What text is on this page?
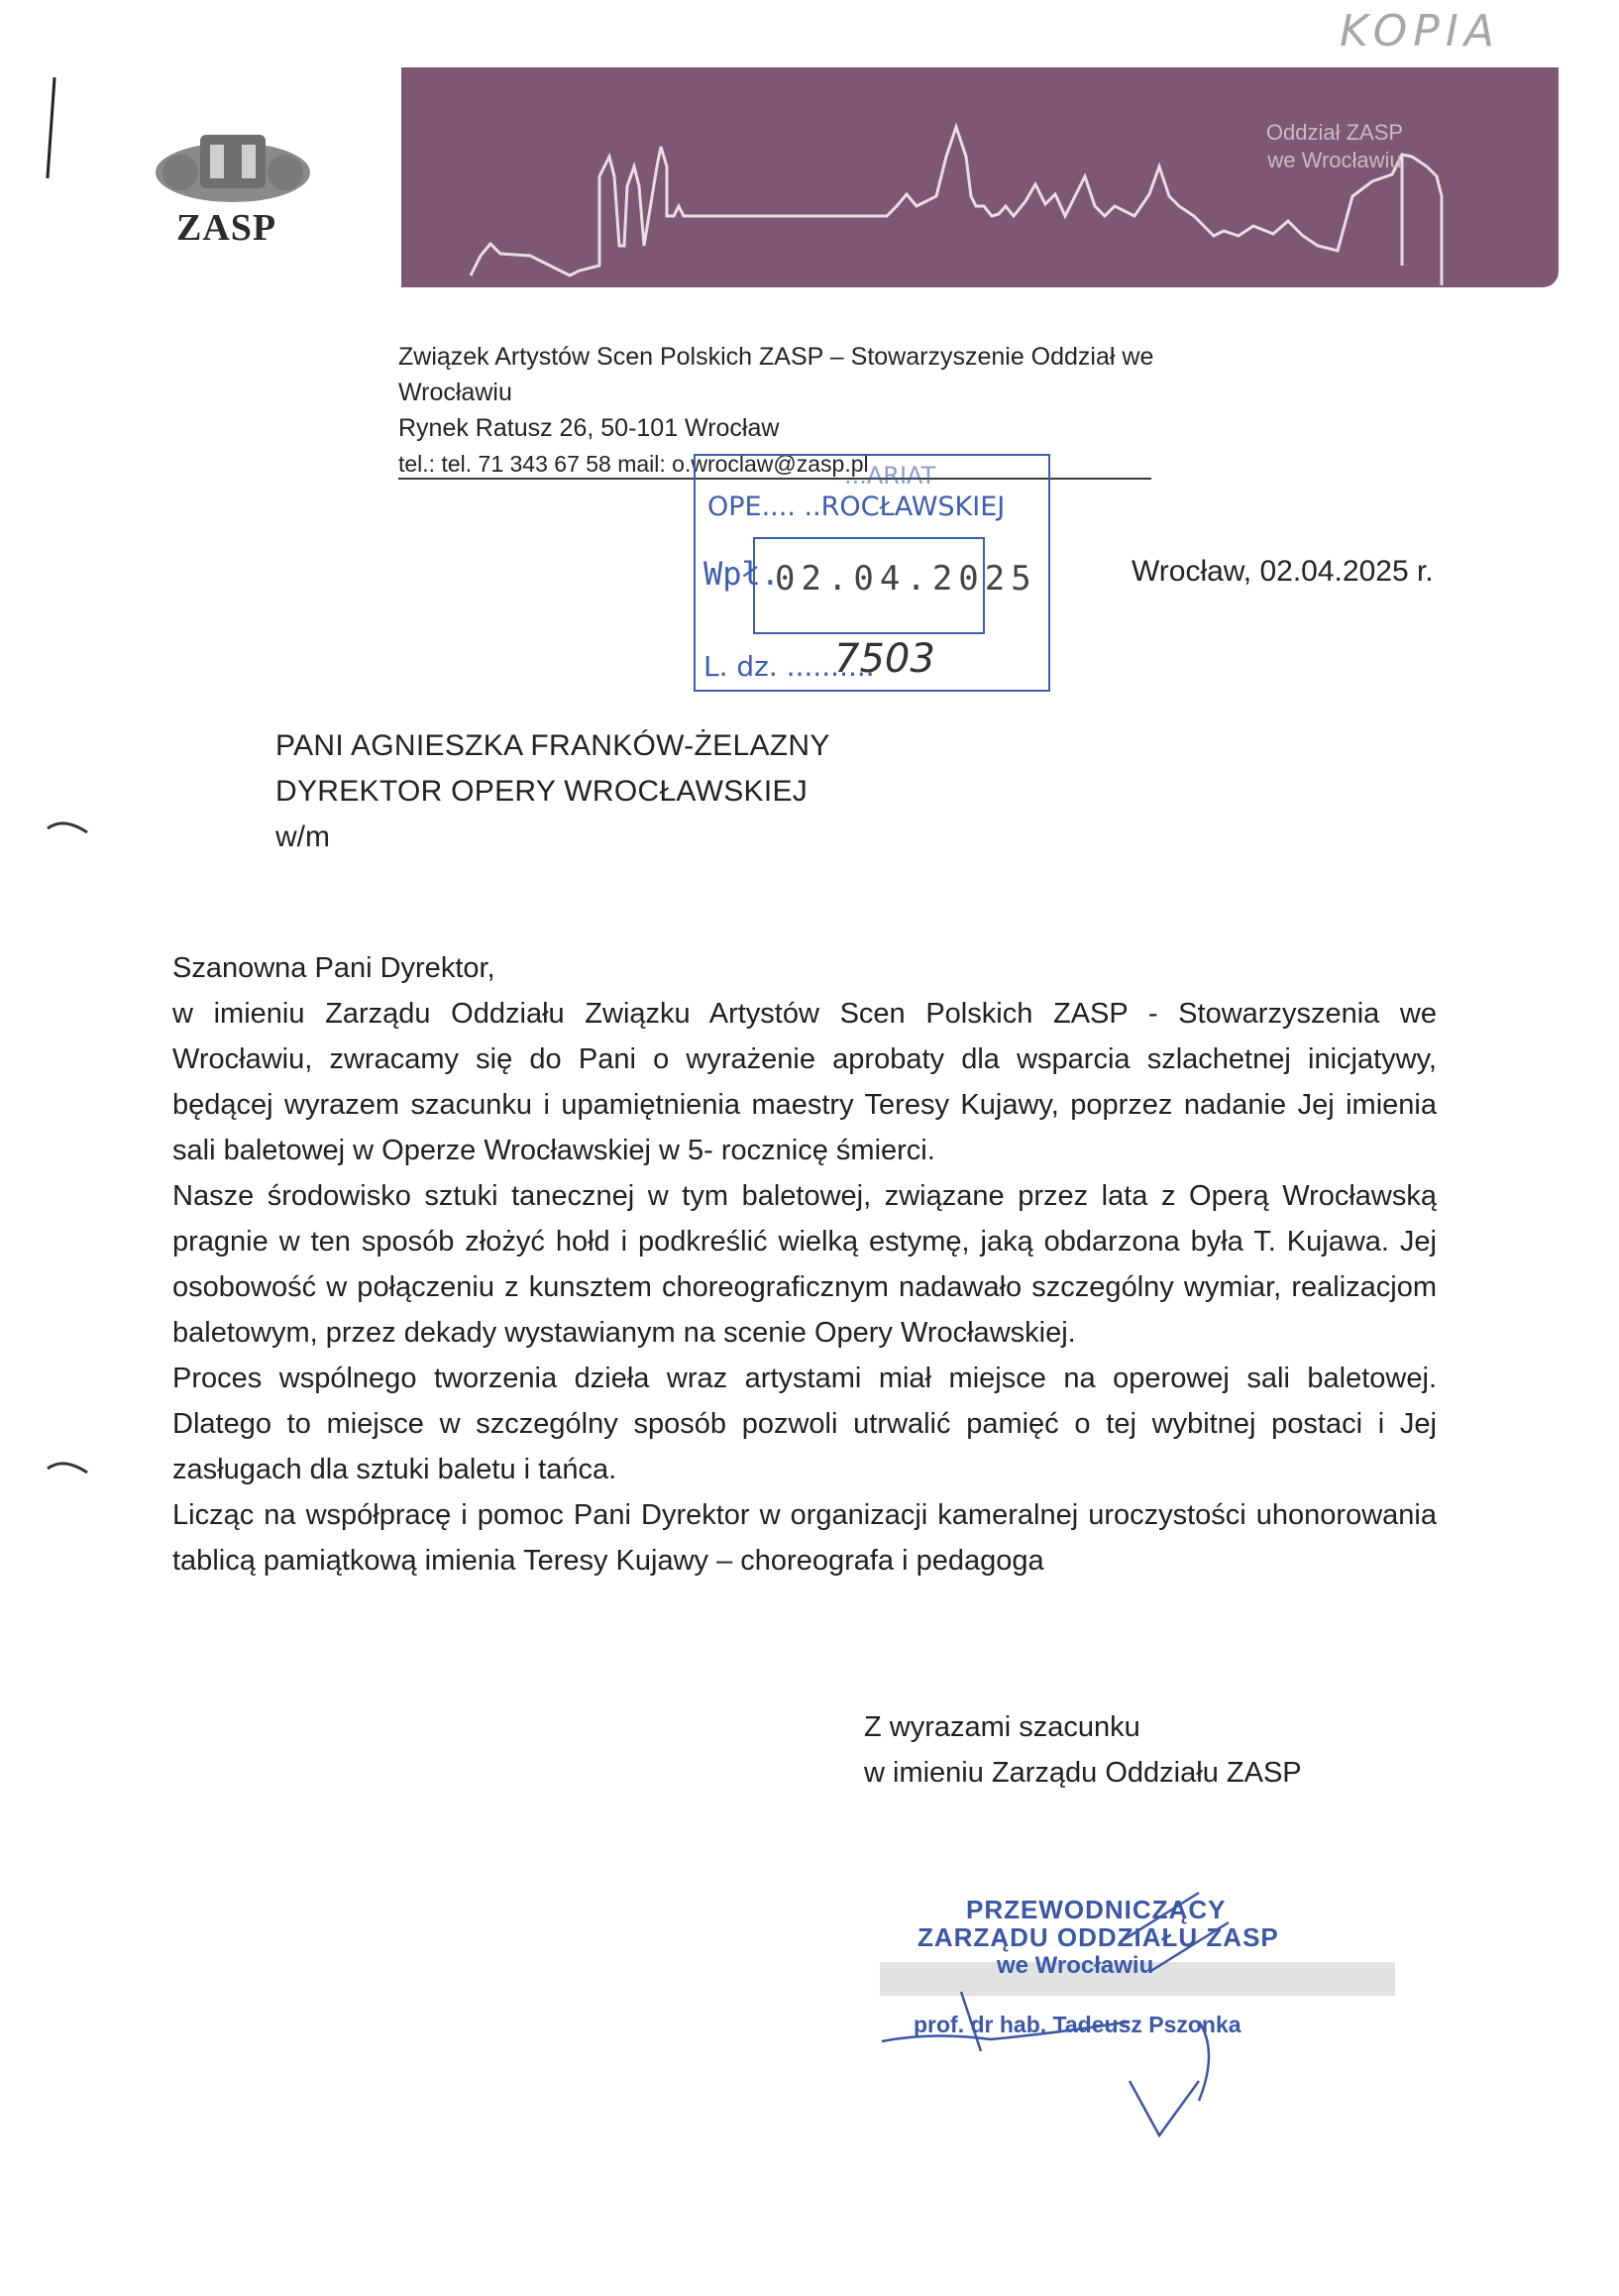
KOPIA
ZASP
Oddział ZASP
we Wrocławiu
Związek Artystów Scen Polskich ZASP – Stowarzyszenie Oddział we Wrocławiu
Rynek Ratusz 26, 50-101 Wrocław
tel.: tel. 71 343 67 58 mail: o.wroclaw@zasp.pl
...ARIAT
OPE.... ..ROCŁAWSKIEJ
Wpł.
02.04.2025
L. dz. ..........
7503
Wrocław, 02.04.2025 r.
PANI AGNIESZKA FRANKÓW-ŻELAZNY
DYREKTOR OPERY WROCŁAWSKIEJ
w/m

Szanowna Pani Dyrektor,

w imieniu Zarządu Oddziału Związku Artystów Scen Polskich ZASP - Stowarzyszenia we Wrocławiu, zwracamy się do Pani o wyrażenie aprobaty dla wsparcia szlachetnej inicjatywy, będącej wyrazem szacunku i upamiętnienia maestry Teresy Kujawy, poprzez nadanie Jej imienia sali baletowej w Operze Wrocławskiej w 5- rocznicę śmierci.

Nasze środowisko sztuki tanecznej w tym baletowej, związane przez lata z Operą Wrocławską pragnie w ten sposób złożyć hołd i podkreślić wielką estymę, jaką obdarzona była T. Kujawa. Jej osobowość w połączeniu z kunsztem choreograficznym nadawało szczególny wymiar, realizacjom baletowym, przez dekady wystawianym na scenie Opery Wrocławskiej.

Proces wspólnego tworzenia dzieła wraz artystami miał miejsce na operowej sali baletowej. Dlatego to miejsce w szczególny sposób pozwoli utrwalić pamięć o tej wybitnej postaci i Jej zasługach dla sztuki baletu i tańca.

Licząc na współpracę i pomoc Pani Dyrektor w organizacji kameralnej uroczystości uhonorowania tablicą pamiątkową imienia Teresy Kujawy – choreografa i pedagoga

Z wyrazami szacunku
w imieniu Zarządu Oddziału ZASP
PRZEWODNICZĄCY
ZARZĄDU ODDZIAŁU ZASP
we Wrocławiu
prof. dr hab. Tadeusz Pszonka
